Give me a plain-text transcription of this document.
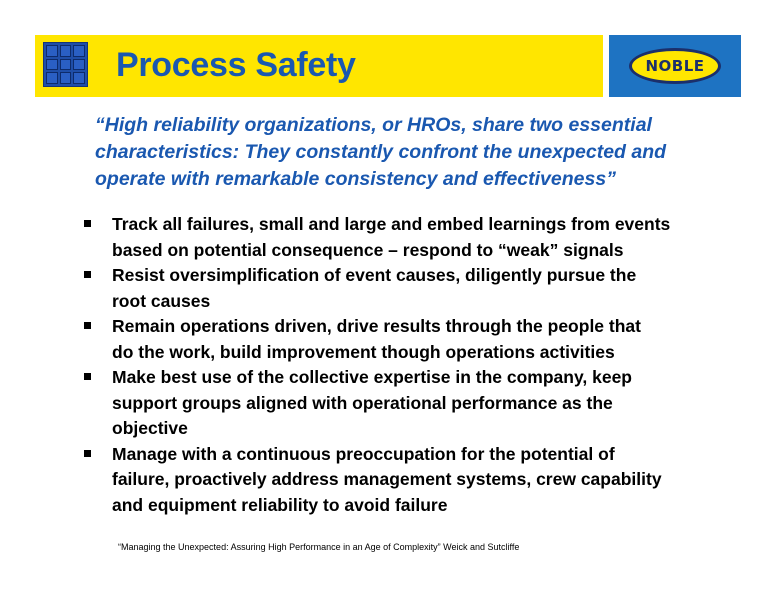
Process Safety	NOBLE

“High reliability organizations, or HROs, share two essential
characteristics: They constantly confront the unexpected and
operate with remarkable consistency and effectiveness”

Track all failures, small and large and embed learnings from events
based on potential consequence – respond to “weak” signals
Resist oversimplification of event causes, diligently pursue the
root causes
Remain operations driven, drive results through the people that
do the work, build improvement though operations activities
Make best use of the collective expertise in the company, keep
support groups aligned with operational performance as the
objective
Manage with a continuous preoccupation for the potential of
failure, proactively address management systems, crew capability
and equipment reliability to avoid failure
“Managing the Unexpected: Assuring High Performance in an Age of Complexity” Weick and Sutcliffe
